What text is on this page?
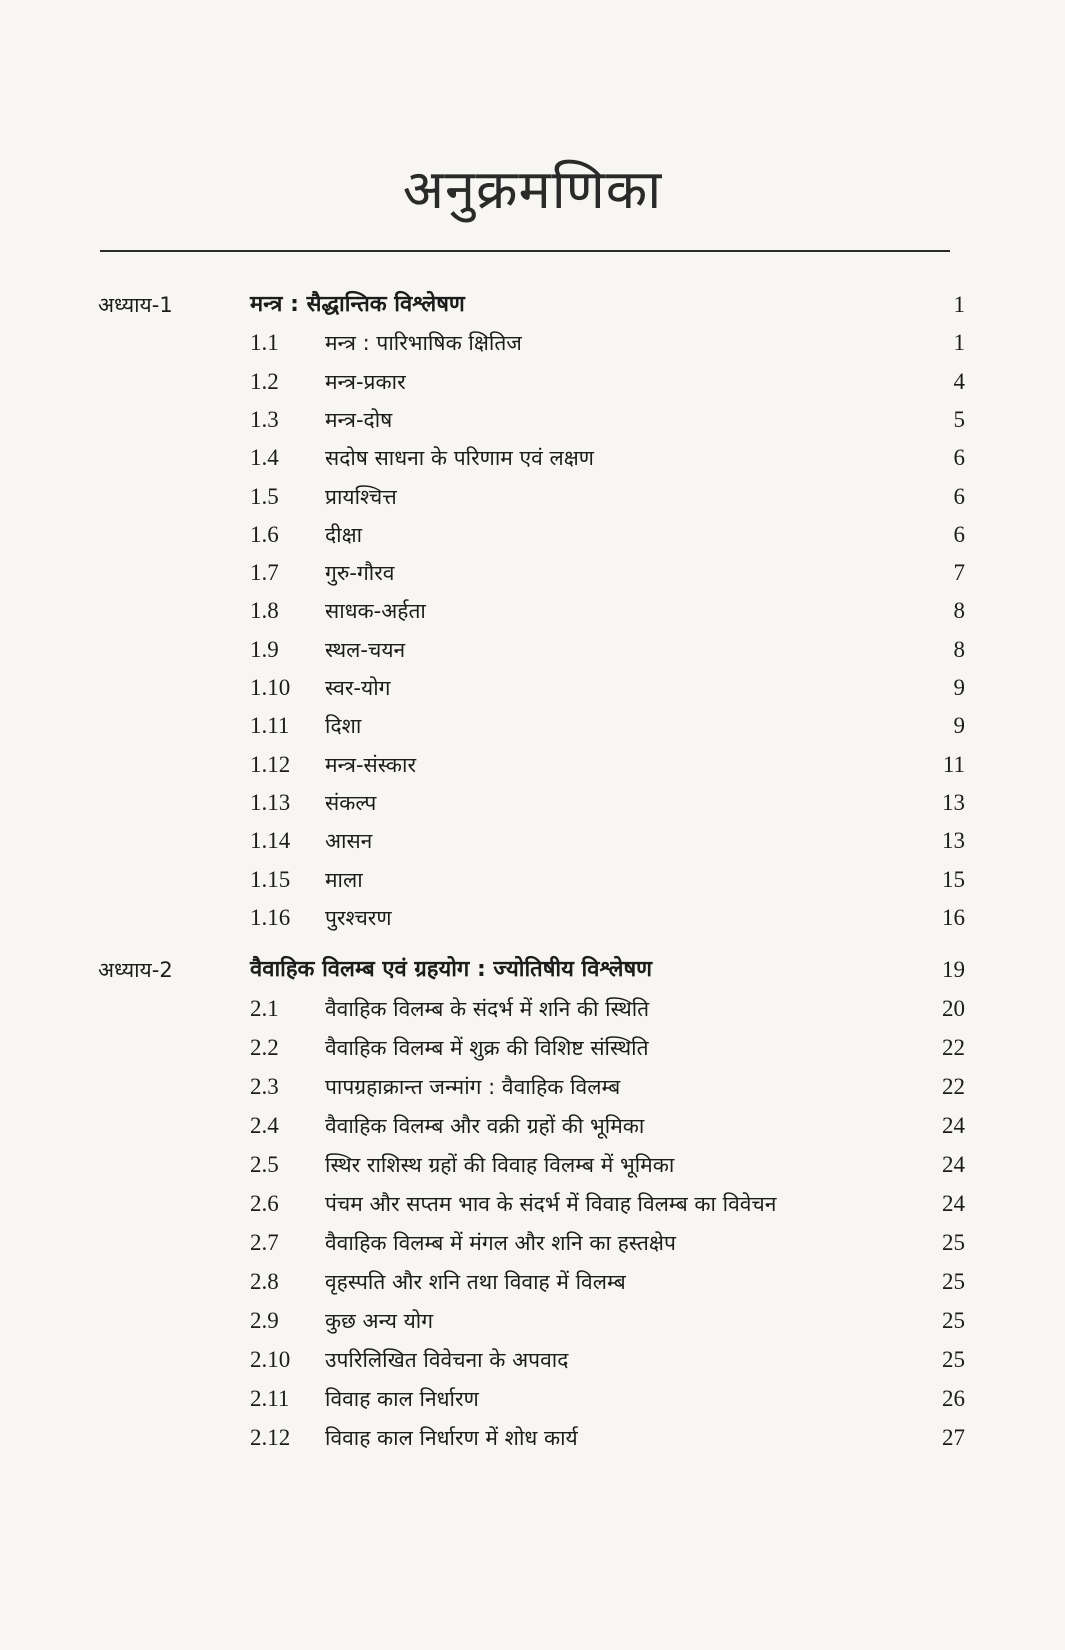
अनुक्रमणिका
अध्याय-1	मन्त्र : सैद्धान्तिक विश्लेषण	1
1.1 मन्त्र : पारिभाषिक क्षितिज	1
1.2 मन्त्र-प्रकार	4
1.3 मन्त्र-दोष	5
1.4 सदोष साधना के परिणाम एवं लक्षण	6
1.5 प्रायश्चित्त	6
1.6 दीक्षा	6
1.7 गुरु-गौरव	7
1.8 साधक-अर्हता	8
1.9 स्थल-चयन	8
1.10 स्वर-योग	9
1.11 दिशा	9
1.12 मन्त्र-संस्कार	11
1.13 संकल्प	13
1.14 आसन	13
1.15 माला	15
1.16 पुरश्चरण	16
अध्याय-2	वैवाहिक विलम्ब एवं ग्रहयोग : ज्योतिषीय विश्लेषण	19
2.1 वैवाहिक विलम्ब के संदर्भ में शनि की स्थिति	20
2.2 वैवाहिक विलम्ब में शुक्र की विशिष्ट संस्थिति	22
2.3 पापग्रहाक्रान्त जन्मांग : वैवाहिक विलम्ब	22
2.4 वैवाहिक विलम्ब और वक्री ग्रहों की भूमिका	24
2.5 स्थिर राशिस्थ ग्रहों की विवाह विलम्ब में भूमिका	24
2.6 पंचम और सप्तम भाव के संदर्भ में विवाह विलम्ब का विवेचन	24
2.7 वैवाहिक विलम्ब में मंगल और शनि का हस्तक्षेप	25
2.8 वृहस्पति और शनि तथा विवाह में विलम्ब	25
2.9 कुछ अन्य योग	25
2.10 उपरिलिखित विवेचना के अपवाद	25
2.11 विवाह काल निर्धारण	26
2.12 विवाह काल निर्धारण में शोध कार्य	27
